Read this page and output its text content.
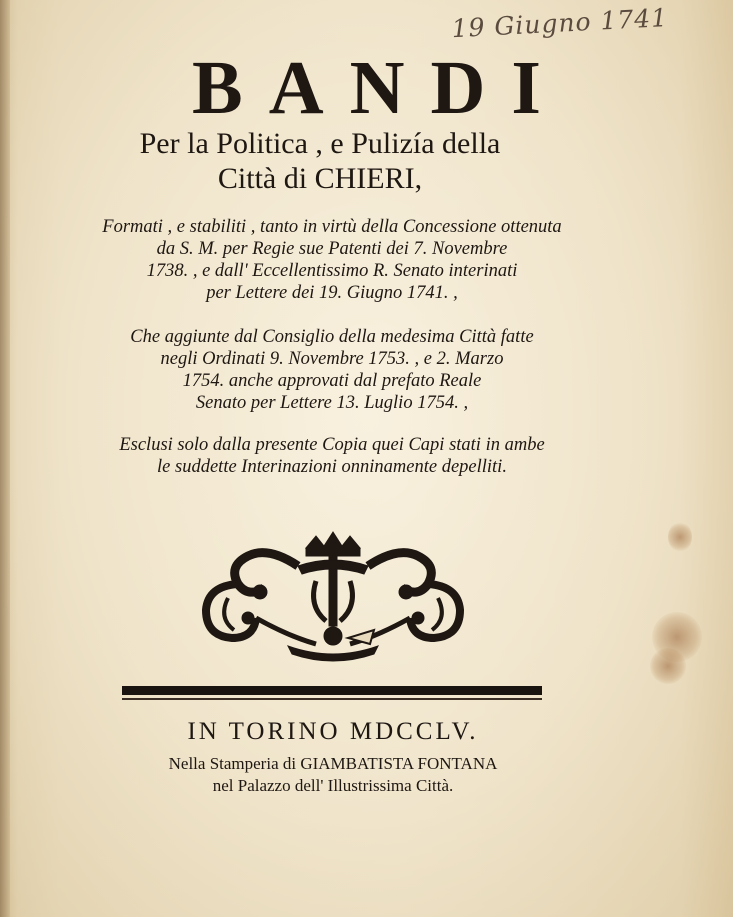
19 Giugno 1741
BANDI
Per la Politica , e Pulizía della
Città di CHIERI,
Formati , e stabiliti , tanto in virtù della Concessione ottenuta
da S. M. per Regie sue Patenti dei 7. Novembre
1738. , e dall' Eccellentissimo R. Senato interinati
per Lettere dei 19. Giugno 1741. ,
Che aggiunte dal Consiglio della medesima Città fatte
negli Ordinati 9. Novembre 1753. , e 2. Marzo
1754. anche approvati dal prefato Reale
Senato per Lettere 13. Luglio 1754. ,
Esclusi solo dalla presente Copia quei Capi stati in ambe
le suddette Interinazioni onninamente depelliti.
IN TORINO MDCCLV.
Nella Stamperia di GIAMBATISTA FONTANA
nel Palazzo dell' Illustrissima Città.
